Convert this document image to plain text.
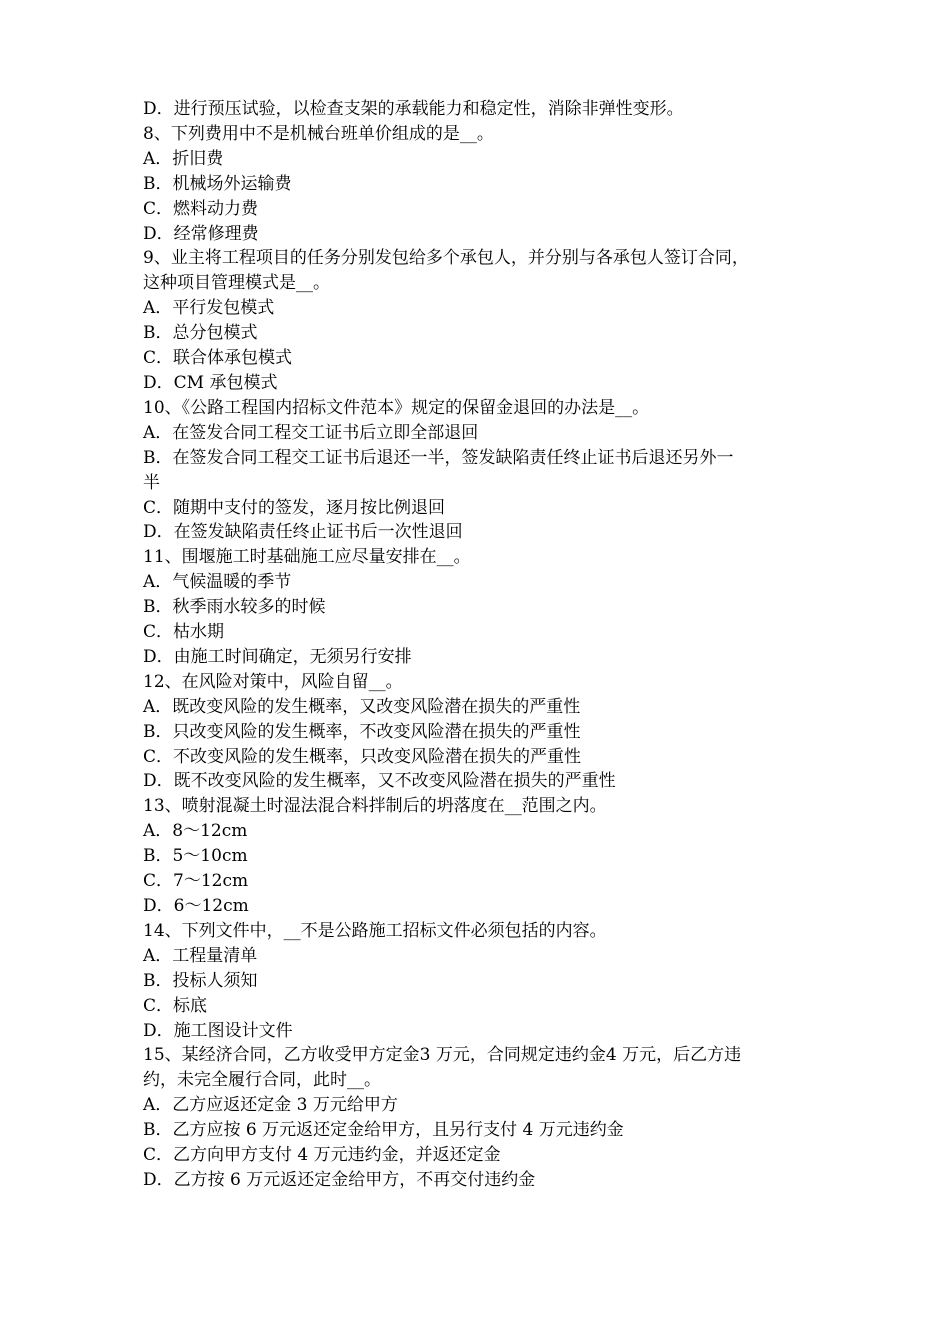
D．进行预压试验，以检查支架的承载能力和稳定性，消除非弹性变形。
8、下列费用中不是机械台班单价组成的是__。
A．折旧费
B．机械场外运输费
C．燃料动力费
D．经常修理费
9、业主将工程项目的任务分别发包给多个承包人，并分别与各承包人签订合同，
这种项目管理模式是__。
A．平行发包模式
B．总分包模式
C．联合体承包模式
D．CM 承包模式
10、《公路工程国内招标文件范本》规定的保留金退回的办法是__。
A．在签发合同工程交工证书后立即全部退回
B．在签发合同工程交工证书后退还一半，签发缺陷责任终止证书后退还另外一
半
C．随期中支付的签发，逐月按比例退回
D．在签发缺陷责任终止证书后一次性退回
11、围堰施工时基础施工应尽量安排在__。
A．气候温暖的季节
B．秋季雨水较多的时候
C．枯水期
D．由施工时间确定，无须另行安排
12、在风险对策中，风险自留__。
A．既改变风险的发生概率，又改变风险潜在损失的严重性
B．只改变风险的发生概率，不改变风险潜在损失的严重性
C．不改变风险的发生概率，只改变风险潜在损失的严重性
D．既不改变风险的发生概率，又不改变风险潜在损失的严重性
13、喷射混凝土时湿法混合料拌制后的坍落度在__范围之内。
A．8～12cm
B．5～10cm
C．7～12cm
D．6～12cm
14、下列文件中，__不是公路施工招标文件必须包括的内容。
A．工程量清单
B．投标人须知
C．标底
D．施工图设计文件
15、某经济合同，乙方收受甲方定金3 万元，合同规定违约金4 万元，后乙方违
约，未完全履行合同，此时__。
A．乙方应返还定金 3 万元给甲方
B．乙方应按 6 万元返还定金给甲方，且另行支付 4 万元违约金
C．乙方向甲方支付 4 万元违约金，并返还定金
D．乙方按 6 万元返还定金给甲方，不再交付违约金
